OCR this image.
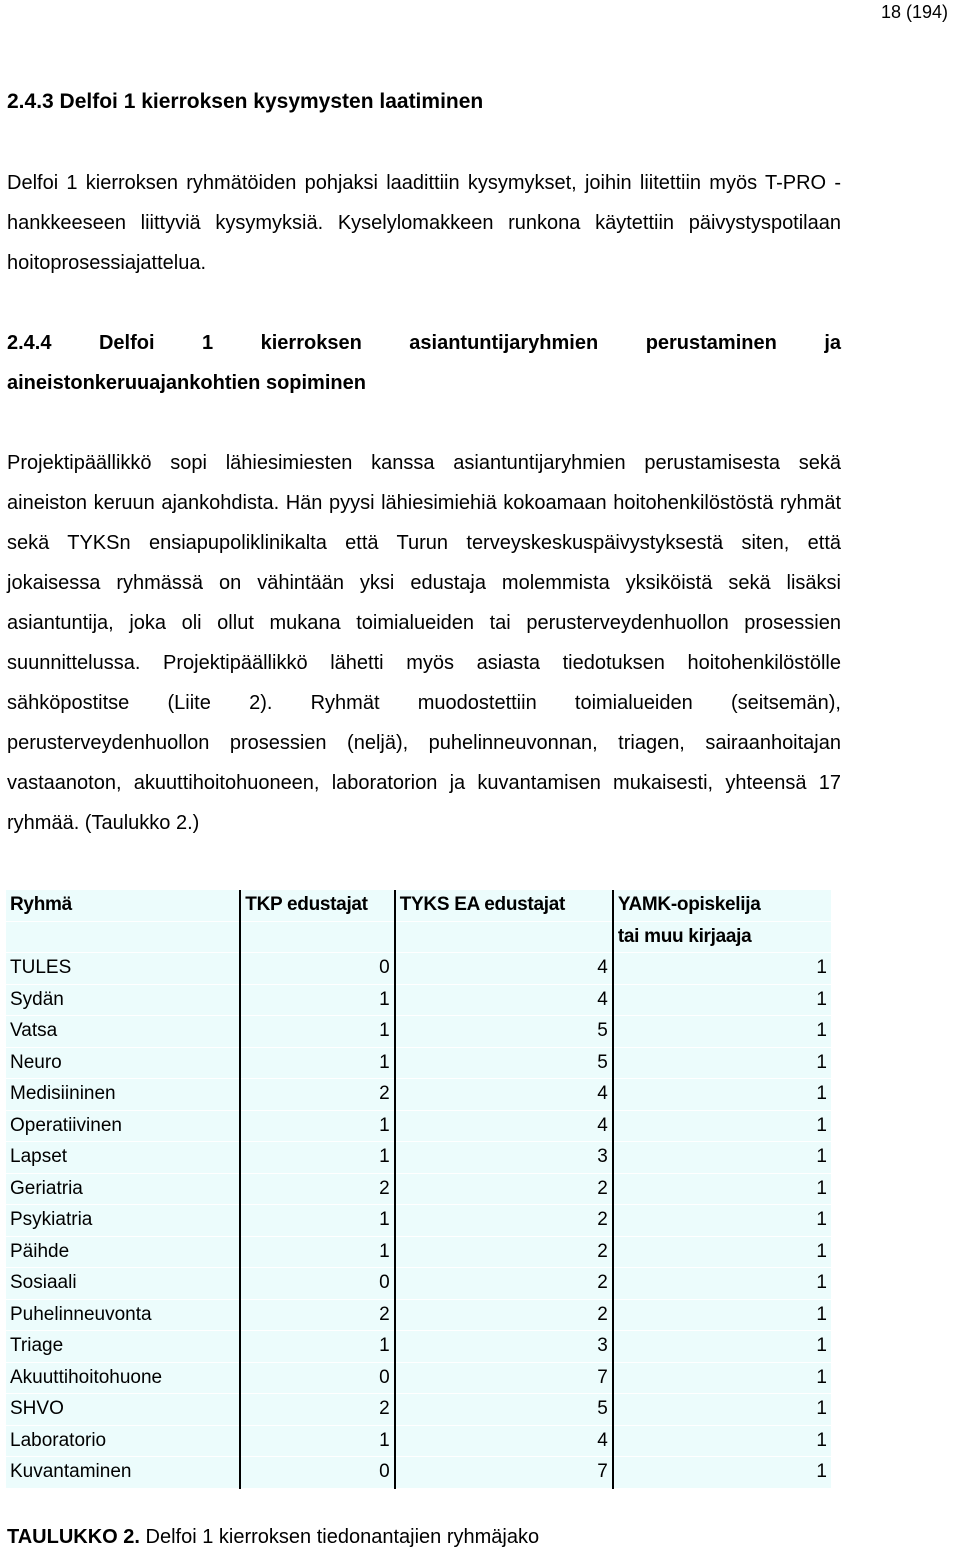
18 (194)
2.4.3 Delfoi 1 kierroksen kysymysten laatiminen

Delfoi 1 kierroksen ryhmätöiden pohjaksi laadittiin kysymykset, joihin liitettiin myös T-PRO -hankkeeseen liittyviä kysymyksiä. Kyselylomakkeen runkona käytettiin päivystyspotilaan hoitoprosessiajattelua.

2.4.4 Delfoi 1 kierroksen asiantuntijaryhmien perustaminen ja aineistonkeruuajankohtien sopiminen

Projektipäällikkö sopi lähiesimiesten kanssa asiantuntijaryhmien perustamisesta sekä aineiston keruun ajankohdista. Hän pyysi lähiesimiehiä kokoamaan hoitohenkilöstöstä ryhmät sekä TYKSn ensiapupoliklinikalta että Turun terveyskeskuspäivystyksestä siten, että jokaisessa ryhmässä on vähintään yksi edustaja molemmista yksiköistä sekä lisäksi asiantuntija, joka oli ollut mukana toimialueiden tai perusterveydenhuollon prosessien suunnittelussa. Projektipäällikkö lähetti myös asiasta tiedotuksen hoitohenkilöstölle sähköpostitse (Liite 2). Ryhmät muodostettiin toimialueiden (seitsemän), perusterveydenhuollon prosessien (neljä), puhelinneuvonnan, triagen, sairaanhoitajan vastaanoton, akuuttihoitohuoneen, laboratorion ja kuvantamisen mukaisesti, yhteensä 17 ryhmää. (Taulukko 2.)

Ryhmä	TKP edustajat	TYKS EA edustajat	YAMK-opiskelija
			tai muu kirjaaja
TULES	0	4	1
Sydän	1	4	1
Vatsa	1	5	1
Neuro	1	5	1
Medisiininen	2	4	1
Operatiivinen	1	4	1
Lapset	1	3	1
Geriatria	2	2	1
Psykiatria	1	2	1
Päihde	1	2	1
Sosiaali	0	2	1
Puhelinneuvonta	2	2	1
Triage	1	3	1
Akuuttihoitohuone	0	7	1
SHVO	2	5	1
Laboratorio	1	4	1
Kuvantaminen	0	7	1

TAULUKKO 2. Delfoi 1 kierroksen tiedonantajien ryhmäjako
